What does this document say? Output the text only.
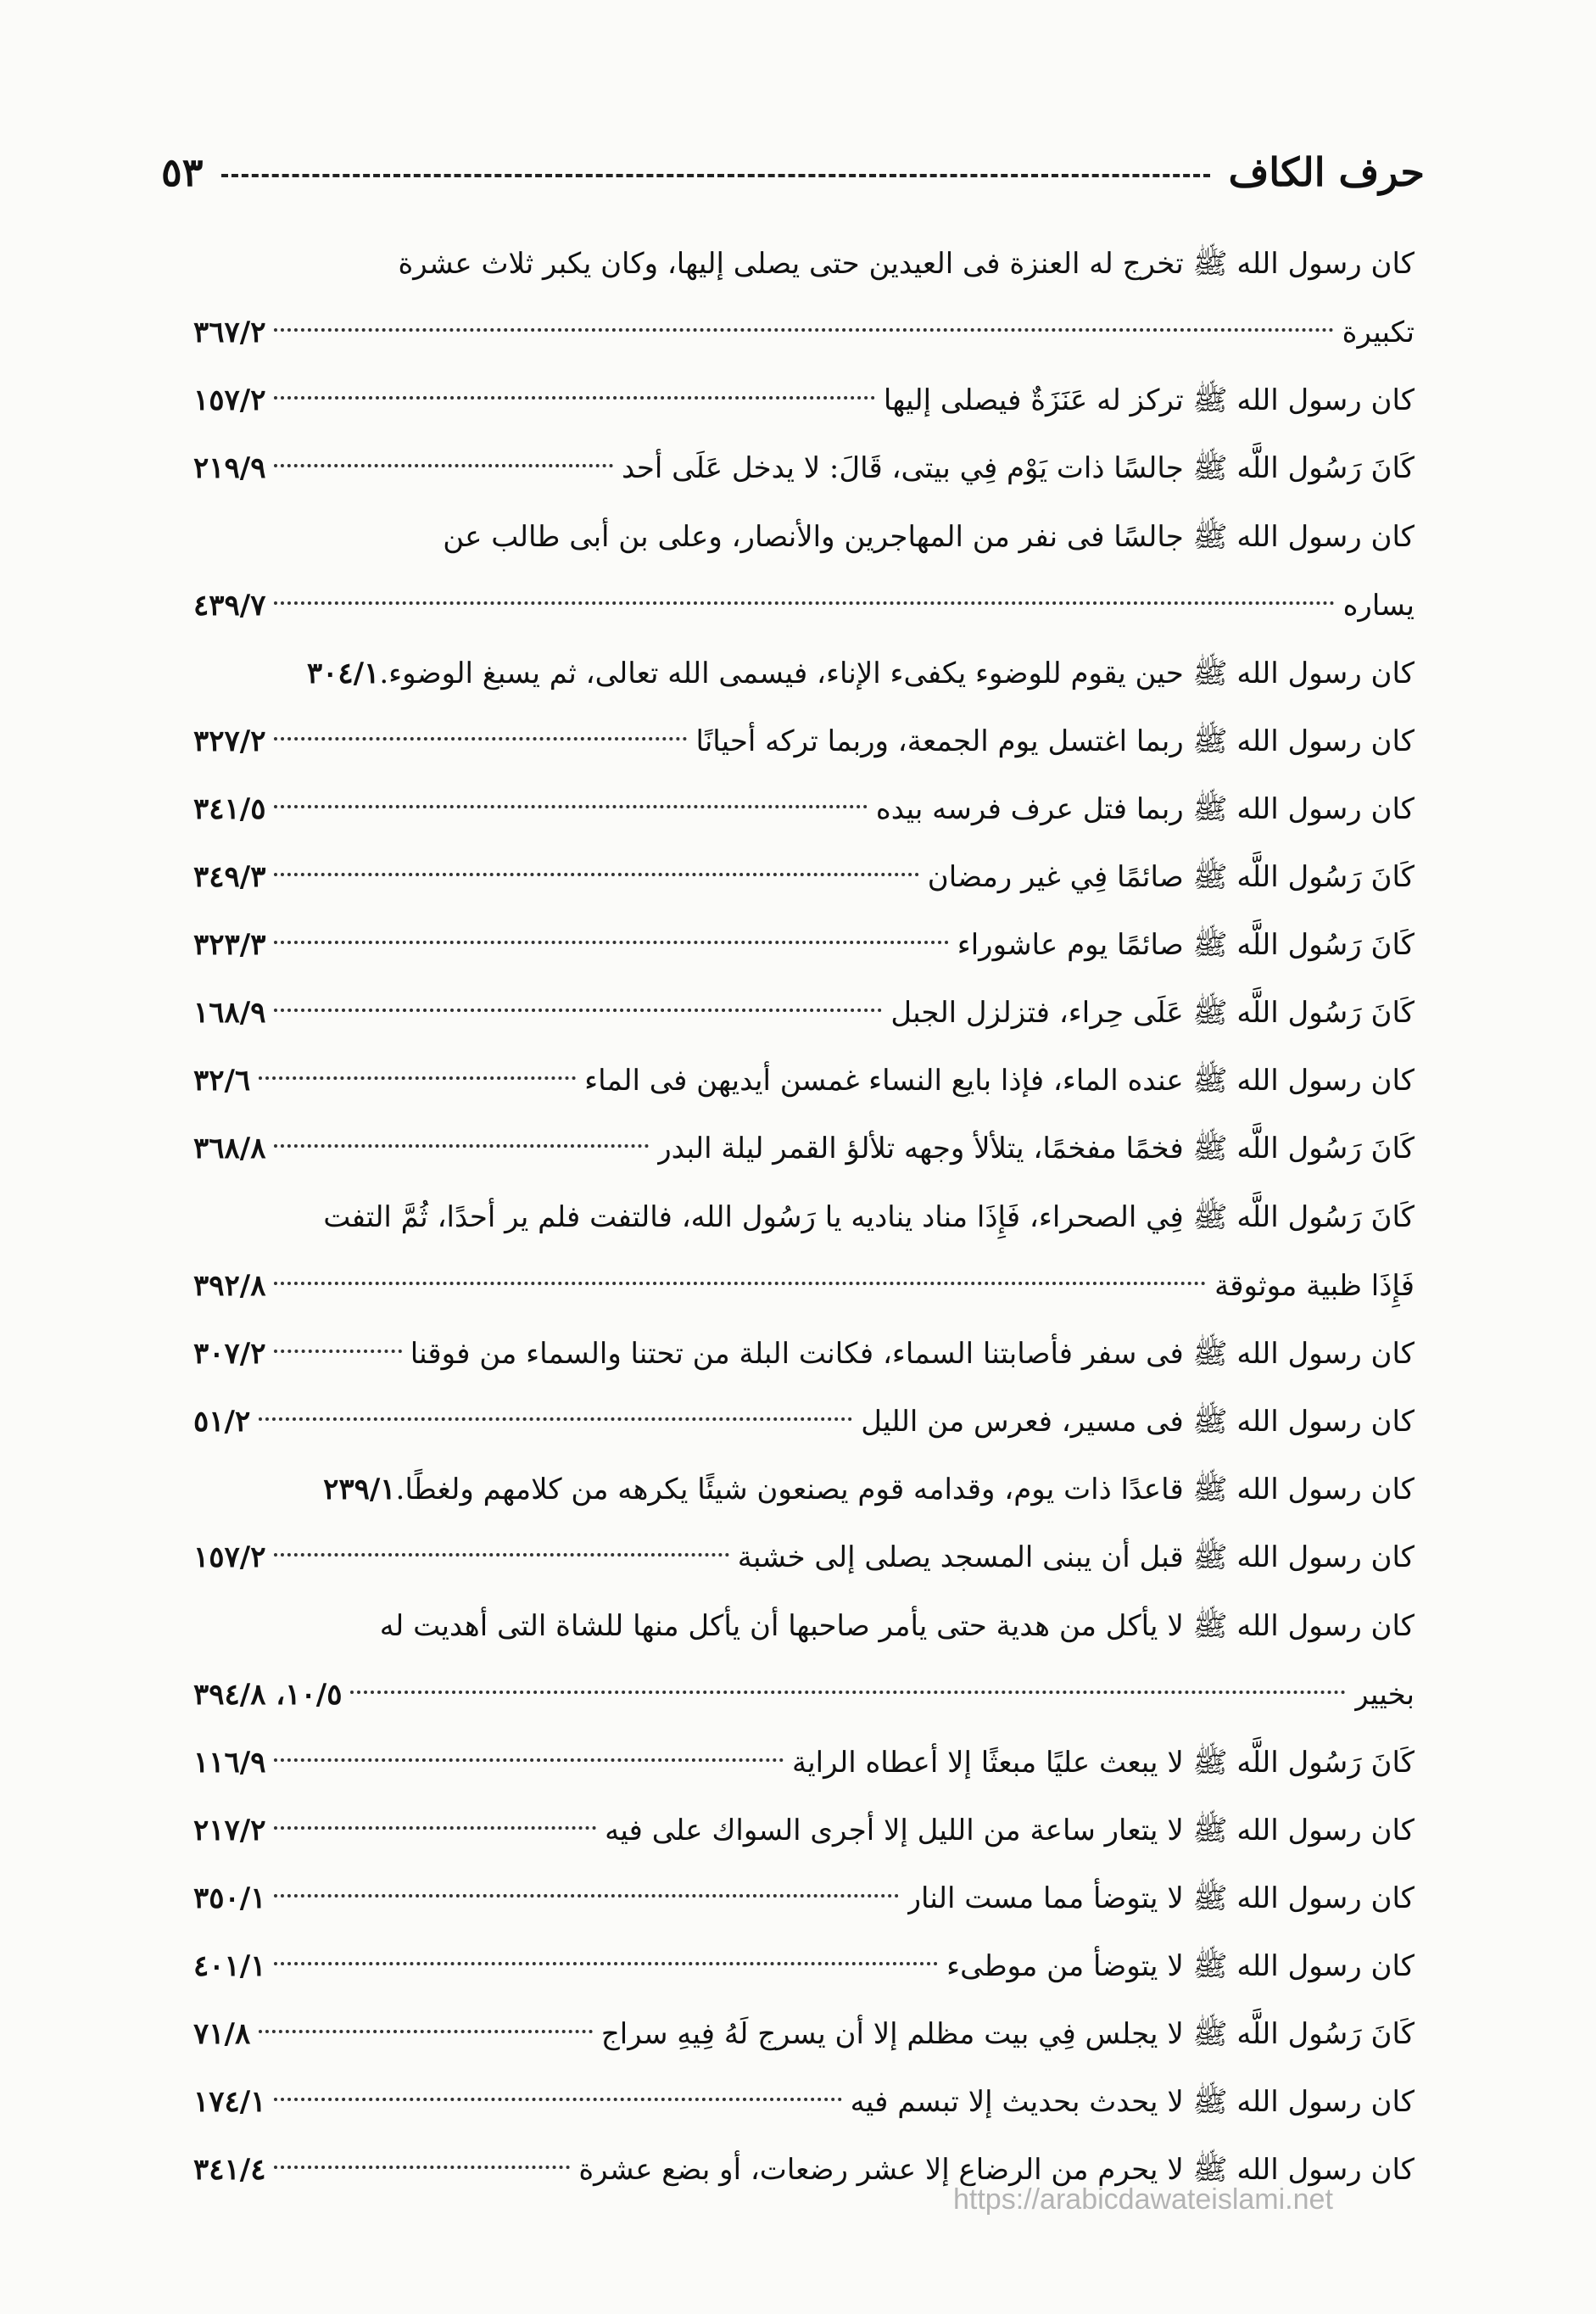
حرف الكاف
٥٣
كان رسول الله ﷺ تخرج له العنزة فى العيدين حتى يصلى إليها، وكان يكبر ثلاث عشرة
تكبيرة
٣٦٧/٢
كان رسول الله ﷺ تركز له عَنَزَةٌ فيصلى إليها
١٥٧/٢
كَانَ رَسُول اللَّه ﷺ جالسًا ذات يَوْم فِي بيتى، قَالَ: لا يدخل عَلَى أحد
٢١٩/٩
كان رسول الله ﷺ جالسًا فى نفر من المهاجرين والأنصار، وعلى بن أبى طالب عن
يساره
٤٣٩/٧
كان رسول الله ﷺ حين يقوم للوضوء يكفىء الإناء، فيسمى الله تعالى، ثم يسبغ الوضوء.
٣٠٤/١
كان رسول الله ﷺ ربما اغتسل يوم الجمعة، وربما تركه أحيانًا
٣٢٧/٢
كان رسول الله ﷺ ربما فتل عرف فرسه بيده
٣٤١/٥
كَانَ رَسُول اللَّه ﷺ صائمًا فِي غير رمضان
٣٤٩/٣
كَانَ رَسُول اللَّه ﷺ صائمًا يوم عاشوراء
٣٢٣/٣
كَانَ رَسُول اللَّه ﷺ عَلَى حِراء، فتزلزل الجبل
١٦٨/٩
كان رسول الله ﷺ عنده الماء، فإذا بايع النساء غمسن أيديهن فى الماء
٣٢/٦
كَانَ رَسُول اللَّه ﷺ فخمًا مفخمًا، يتلألأ وجهه تلألؤ القمر ليلة البدر
٣٦٨/٨
كَانَ رَسُول اللَّه ﷺ فِي الصحراء، فَإِذَا مناد يناديه يا رَسُول الله، فالتفت فلم ير أحدًا، ثُمَّ التفت
فَإِذَا ظبية موثوقة
٣٩٢/٨
كان رسول الله ﷺ فى سفر فأصابتنا السماء، فكانت البلة من تحتنا والسماء من فوقنا
٣٠٧/٢
كان رسول الله ﷺ فى مسير، فعرس من الليل
٥١/٢
كان رسول الله ﷺ قاعدًا ذات يوم، وقدامه قوم يصنعون شيئًا يكرهه من كلامهم ولغطًا.
٢٣٩/١
كان رسول الله ﷺ قبل أن يبنى المسجد يصلى إلى خشبة
١٥٧/٢
كان رسول الله ﷺ لا يأكل من هدية حتى يأمر صاحبها أن يأكل منها للشاة التى أهديت له
بخيير
١٠/٥، ٣٩٤/٨
كَانَ رَسُول اللَّه ﷺ لا يبعث عليًا مبعثًا إلا أعطاه الراية
١١٦/٩
كان رسول الله ﷺ لا يتعار ساعة من الليل إلا أجرى السواك على فيه
٢١٧/٢
كان رسول الله ﷺ لا يتوضأ مما مست النار
٣٥٠/١
كان رسول الله ﷺ لا يتوضأ من موطىء
٤٠١/١
كَانَ رَسُول اللَّه ﷺ لا يجلس فِي بيت مظلم إلا أن يسرج لَهُ فِيهِ سراج
٧١/٨
كان رسول الله ﷺ لا يحدث بحديث إلا تبسم فيه
١٧٤/١
كان رسول الله ﷺ لا يحرم من الرضاع إلا عشر رضعات، أو بضع عشرة
٣٤١/٤
https://arabicdawateislami.net
